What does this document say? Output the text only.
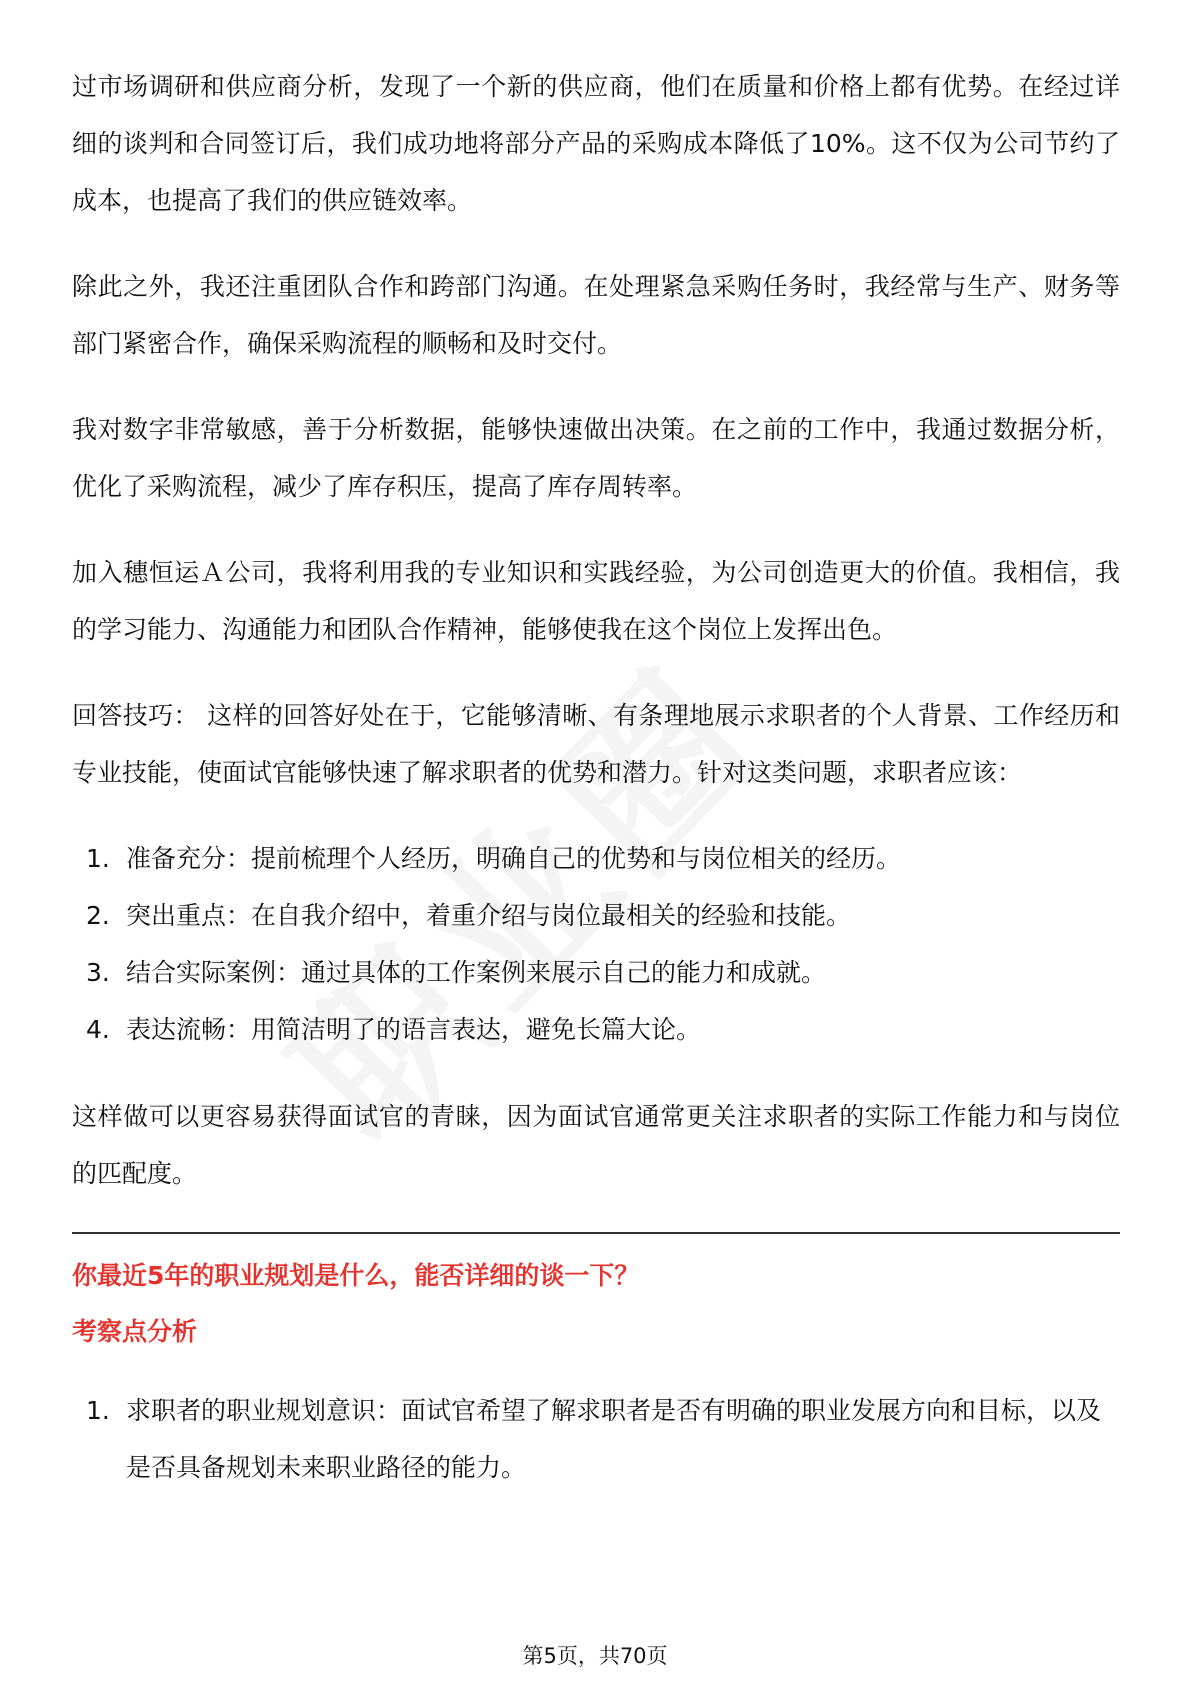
过市场调研和供应商分析，发现了一个新的供应商，他们在质量和价格上都有优势。在经过详细的谈判和合同签订后，我们成功地将部分产品的采购成本降低了10%。这不仅为公司节约了成本，也提高了我们的供应链效率。

除此之外，我还注重团队合作和跨部门沟通。在处理紧急采购任务时，我经常与生产、财务等部门紧密合作，确保采购流程的顺畅和及时交付。

我对数字非常敏感，善于分析数据，能够快速做出决策。在之前的工作中，我通过数据分析，优化了采购流程，减少了库存积压，提高了库存周转率。

加入穗恒运Ａ公司，我将利用我的专业知识和实践经验，为公司创造更大的价值。我相信，我的学习能力、沟通能力和团队合作精神，能够使我在这个岗位上发挥出色。

回答技巧： 这样的回答好处在于，它能够清晰、有条理地展示求职者的个人背景、工作经历和专业技能，使面试官能够快速了解求职者的优势和潜力。针对这类问题，求职者应该：

1. 准备充分：提前梳理个人经历，明确自己的优势和与岗位相关的经历。
2. 突出重点：在自我介绍中，着重介绍与岗位最相关的经验和技能。
3. 结合实际案例：通过具体的工作案例来展示自己的能力和成就。
4. 表达流畅：用简洁明了的语言表达，避免长篇大论。

这样做可以更容易获得面试官的青睐，因为面试官通常更关注求职者的实际工作能力和与岗位的匹配度。

你最近5年的职业规划是什么，能否详细的谈一下？

考察点分析

1. 求职者的职业规划意识：面试官希望了解求职者是否有明确的职业发展方向和目标，以及是否具备规划未来职业路径的能力。
第5页，共70页
